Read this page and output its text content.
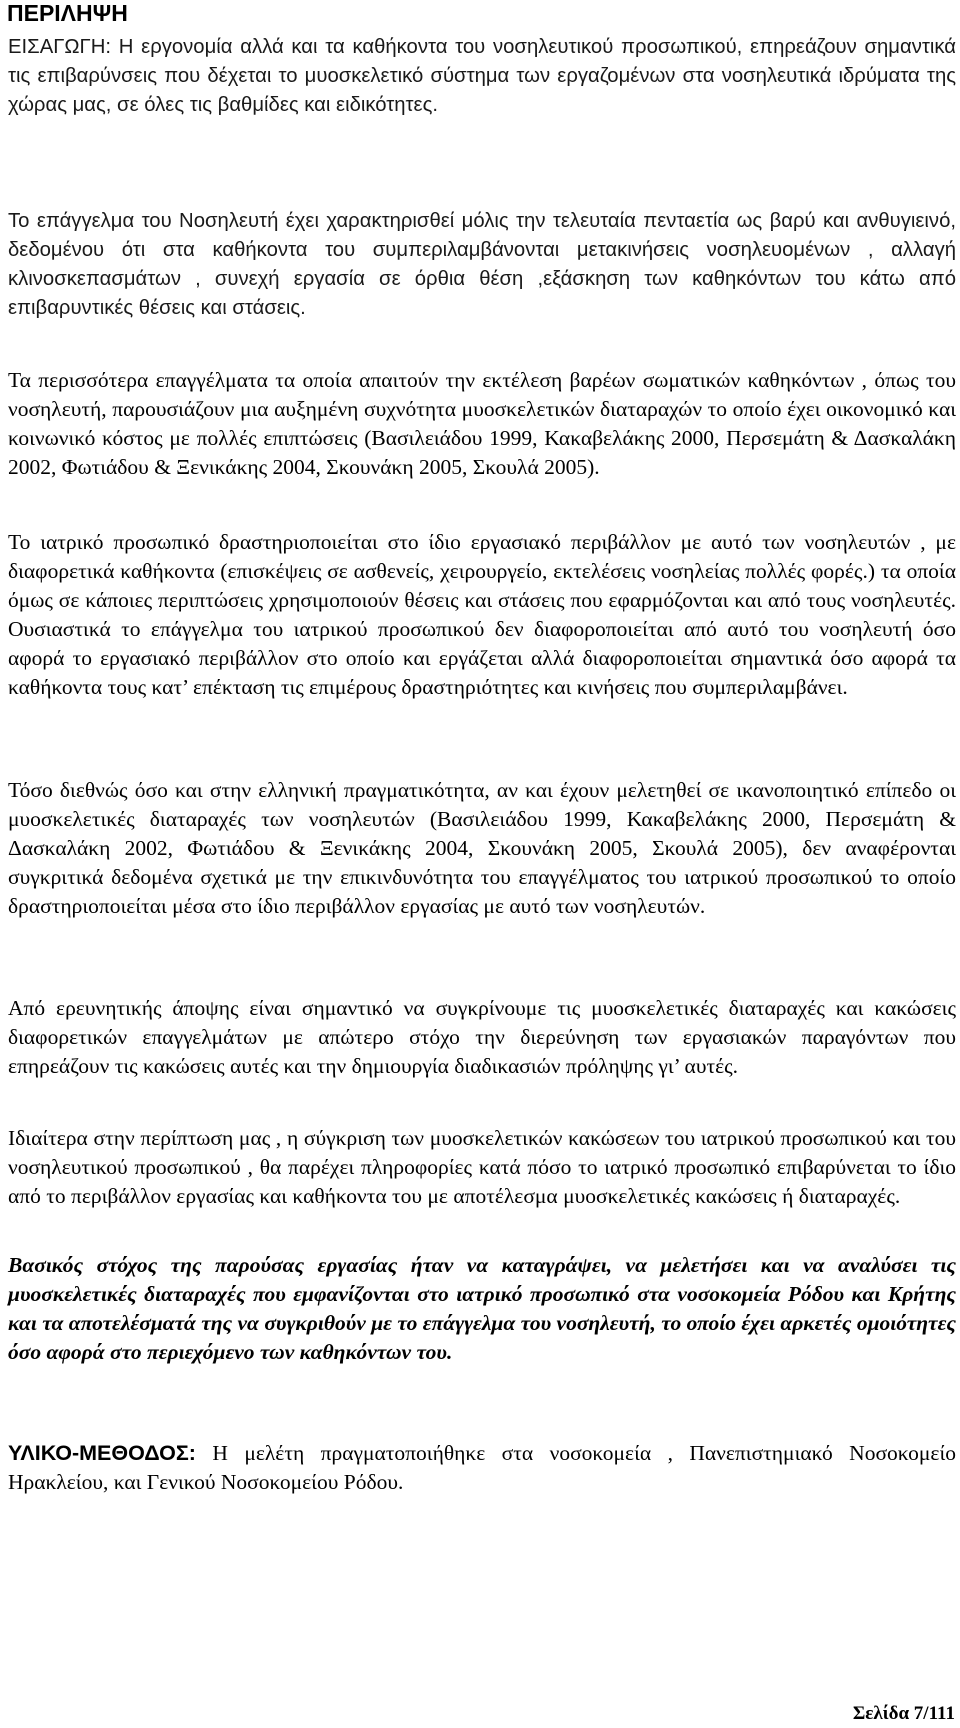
ΠΕΡΙΛΗΨΗ

ΕΙΣΑΓΩΓΗ: Η εργονομία αλλά και τα καθήκοντα του νοσηλευτικού προσωπικού, επηρεάζουν σημαντικά τις επιβαρύνσεις που δέχεται το μυοσκελετικό σύστημα των εργαζομένων στα νοσηλευτικά ιδρύματα της χώρας μας, σε όλες τις βαθμίδες και ειδικότητες.

Το επάγγελμα του Νοσηλευτή έχει χαρακτηρισθεί μόλις την τελευταία πενταετία ως βαρύ και ανθυγιεινό, δεδομένου ότι στα καθήκοντα του συμπεριλαμβάνονται μετακινήσεις νοσηλευομένων , αλλαγή κλινοσκεπασμάτων , συνεχή εργασία σε όρθια θέση ,εξάσκηση των καθηκόντων του κάτω από επιβαρυντικές θέσεις και στάσεις.

Τα περισσότερα επαγγέλματα τα οποία απαιτούν την εκτέλεση βαρέων σωματικών καθηκόντων , όπως του νοσηλευτή, παρουσιάζουν μια αυξημένη συχνότητα μυοσκελετικών διαταραχών το οποίο έχει οικονομικό και κοινωνικό κόστος με πολλές επιπτώσεις (Βασιλειάδου 1999, Κακαβελάκης 2000, Περσεμάτη & Δασκαλάκη 2002, Φωτιάδου & Ξενικάκης 2004, Σκουνάκη 2005, Σκουλά 2005).

Το ιατρικό προσωπικό δραστηριοποιείται στο ίδιο εργασιακό περιβάλλον με αυτό των νοσηλευτών , με διαφορετικά καθήκοντα (επισκέψεις σε ασθενείς, χειρουργείο, εκτελέσεις νοσηλείας πολλές φορές.) τα οποία όμως σε κάποιες περιπτώσεις χρησιμοποιούν θέσεις και στάσεις που εφαρμόζονται και από τους νοσηλευτές. Ουσιαστικά το επάγγελμα του ιατρικού προσωπικού δεν διαφοροποιείται από αυτό του νοσηλευτή όσο αφορά το εργασιακό περιβάλλον στο οποίο και εργάζεται αλλά διαφοροποιείται σημαντικά όσο αφορά τα καθήκοντα τους κατ’ επέκταση τις επιμέρους δραστηριότητες και κινήσεις που συμπεριλαμβάνει.

Τόσο διεθνώς όσο και στην ελληνική πραγματικότητα, αν και έχουν μελετηθεί σε ικανοποιητικό επίπεδο οι μυοσκελετικές διαταραχές των νοσηλευτών (Βασιλειάδου 1999, Κακαβελάκης 2000, Περσεμάτη & Δασκαλάκη 2002, Φωτιάδου & Ξενικάκης 2004, Σκουνάκη 2005, Σκουλά 2005), δεν αναφέρονται συγκριτικά δεδομένα σχετικά με την επικινδυνότητα του επαγγέλματος του ιατρικού προσωπικού το οποίο δραστηριοποιείται μέσα στο ίδιο περιβάλλον εργασίας με αυτό των νοσηλευτών.

Από ερευνητικής άποψης είναι σημαντικό να συγκρίνουμε τις μυοσκελετικές διαταραχές και κακώσεις διαφορετικών επαγγελμάτων με απώτερο στόχο την διερεύνηση των εργασιακών παραγόντων που επηρεάζουν τις κακώσεις αυτές και την δημιουργία διαδικασιών πρόληψης γι’ αυτές.

Ιδιαίτερα στην περίπτωση μας , η σύγκριση των μυοσκελετικών κακώσεων του ιατρικού προσωπικού και του νοσηλευτικού προσωπικού , θα παρέχει πληροφορίες κατά πόσο το ιατρικό προσωπικό επιβαρύνεται το ίδιο από το περιβάλλον εργασίας και καθήκοντα του με αποτέλεσμα μυοσκελετικές κακώσεις ή διαταραχές.

Βασικός στόχος της παρούσας εργασίας ήταν να καταγράψει, να μελετήσει και να αναλύσει τις μυοσκελετικές διαταραχές που εμφανίζονται στο ιατρικό προσωπικό στα νοσοκομεία Ρόδου και Κρήτης και τα αποτελέσματά της να συγκριθούν με το επάγγελμα του νοσηλευτή, το οποίο έχει αρκετές ομοιότητες όσο αφορά στο περιεχόμενο των καθηκόντων του.

ΥΛΙΚΟ-ΜΕΘΟΔΟΣ: Η μελέτη πραγματοποιήθηκε στα νοσοκομεία , Πανεπιστημιακό Νοσοκομείο Ηρακλείου, και Γενικού Νοσοκομείου Ρόδου.

Σελίδα 7/111
